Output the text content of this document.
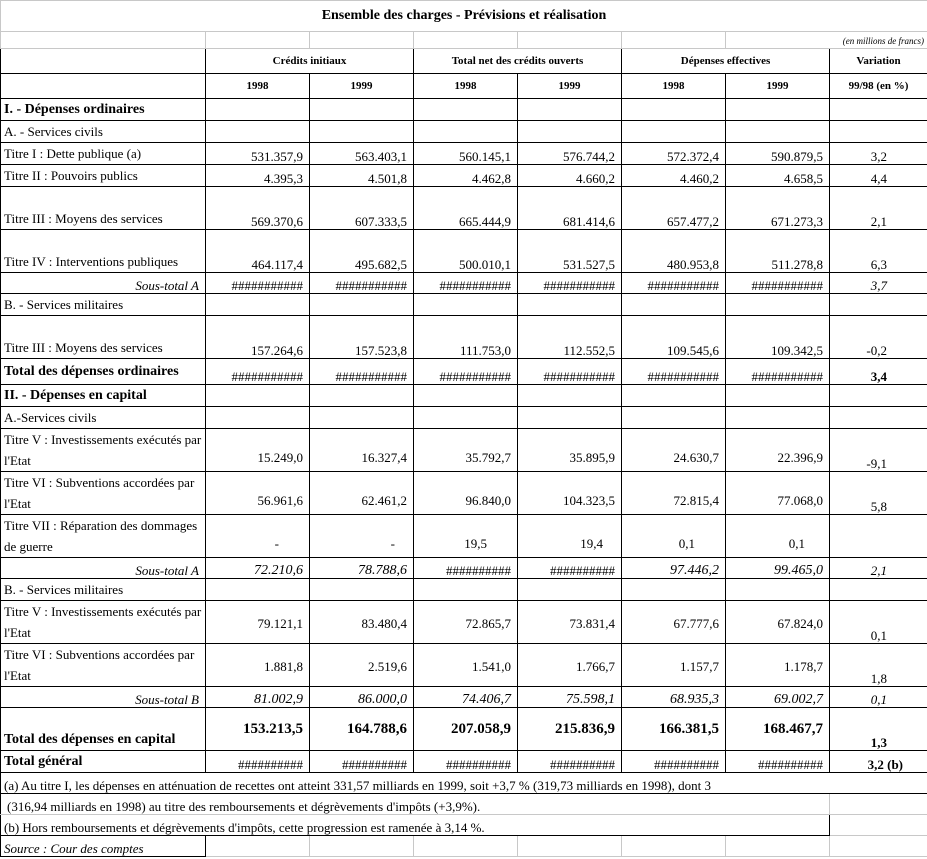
Ensemble des charges - Prévisions et réalisation							
						(en millions de francs)	
	Crédits initiaux		Total net des crédits ouverts		Dépenses effectives		Variation
	1998	1999	1998	1999	1998	1999	99/98 (en %)
I. - Dépenses ordinaires							
A. - Services civils							
Titre I : Dette publique (a)	531.357,9	563.403,1	560.145,1	576.744,2	572.372,4	590.879,5	3,2
Titre II : Pouvoirs publics	4.395,3	4.501,8	4.462,8	4.660,2	4.460,2	4.658,5	4,4
Titre III : Moyens des services	569.370,6	607.333,5	665.444,9	681.414,6	657.477,2	671.273,3	2,1
Titre IV : Interventions publiques	464.117,4	495.682,5	500.010,1	531.527,5	480.953,8	511.278,8	6,3
Sous-total A	###########	###########	###########	###########	###########	###########	3,7
B. - Services militaires							
Titre III : Moyens des services	157.264,6	157.523,8	111.753,0	112.552,5	109.545,6	109.342,5	-0,2
Total des dépenses ordinaires	###########	###########	###########	###########	###########	###########	3,4
II. - Dépenses en capital							
A.-Services civils							
Titre V : Investissements exécutés par l'Etat	15.249,0	16.327,4	35.792,7	35.895,9	24.630,7	22.396,9	-9,1
Titre VI : Subventions accordées par l'Etat	56.961,6	62.461,2	96.840,0	104.323,5	72.815,4	77.068,0	5,8
Titre VII : Réparation des dommages de guerre	-	-	19,5	19,4	0,1	0,1	
Sous-total A	72.210,6	78.788,6	##########	##########	97.446,2	99.465,0	2,1
B. - Services militaires							
Titre V : Investissements exécutés par l'Etat	79.121,1	83.480,4	72.865,7	73.831,4	67.777,6	67.824,0	0,1
Titre VI : Subventions accordées par l'Etat	1.881,8	2.519,6	1.541,0	1.766,7	1.157,7	1.178,7	1,8
Sous-total B	81.002,9	86.000,0	74.406,7	75.598,1	68.935,3	69.002,7	0,1
Total des dépenses en capital	153.213,5	164.788,6	207.058,9	215.836,9	166.381,5	168.467,7	1,3
Total général	##########	##########	##########	##########	##########	##########	3,2 (b)
(a) Au titre I, les dépenses en atténuation de recettes ont atteint 331,57 milliards en 1999, soit +3,7 % (319,73 milliards en 1998), dont 3							
(316,94 milliards en 1998) au titre des remboursements et dégrèvements d'impôts (+3,9%).							
(b) Hors remboursements et dégrèvements d'impôts, cette progression est ramenée à 3,14 %.							
Source : Cour des comptes							
